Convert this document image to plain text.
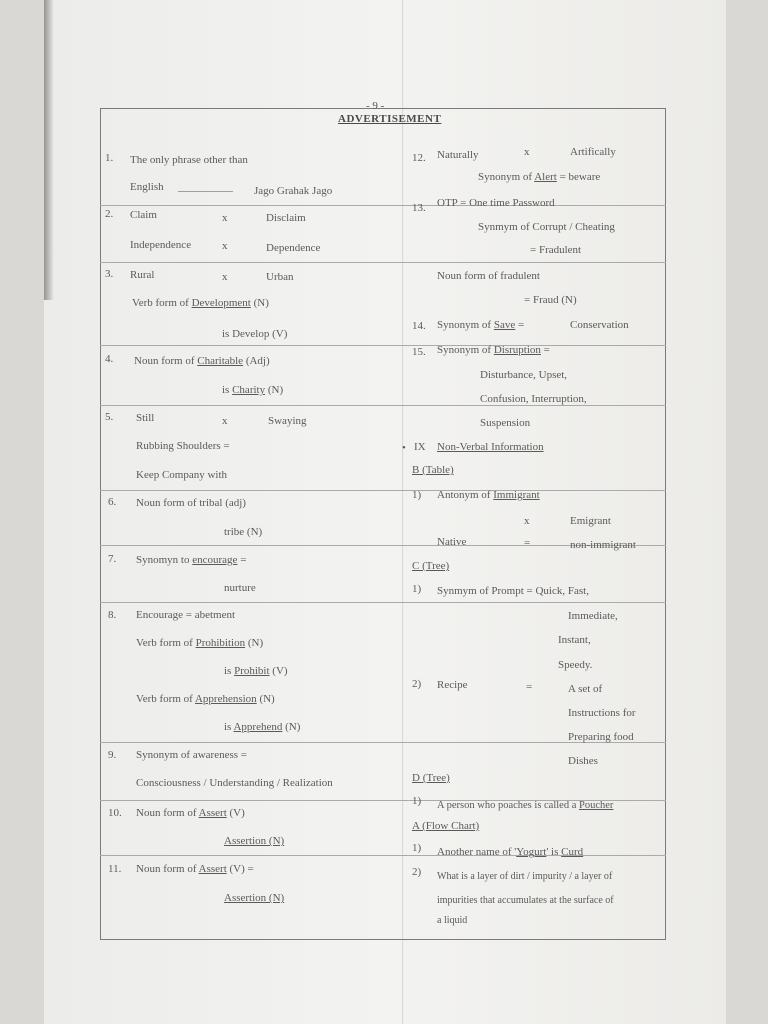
- 9 -
ADVERTISEMENT
1. The only phrase other than
English __________ Jago Grahak Jago
2. Claim	x	Disclaim
Independence	x	Dependence
3. Rural	x	Urban
Verb form of Development (N)
is Develop (V)
4. Noun form of Charitable (Adj)
is Charity (N)
5. Still	x	Swaying
Rubbing Shoulders =
Keep Company with
6. Noun form of tribal (adj)
tribe (N)
7. Synomyn to encourage =
nurture
8. Encourage = abetment
Verb form of Prohibition (N)
is Prohibit (V)
Verb form of Apprehension (N)
is Apprehend (N)
9. Synonym of awareness =
Consciousness / Understanding / Realization
10. Noun form of Assert (V)
Assertion (N)
11. Noun form of Assert (V) =
Assertion (N)
12. Naturally	x	Artifically
Synonym of Alert = beware
13. OTP = One time Password
Synmym of Corrupt / Cheating
= Fradulent
Noun form of fradulent
= Fraud (N)
14. Synonym of Save =	Conservation
15. Synonym of Disruption =
Disturbance, Upset,
Confusion, Interruption,
Suspension
• IX Non-Verbal Information
B (Table)
1) Antonym of Immigrant
x	Emigrant
Native	=	non-immigrant
C (Tree)
1) Synmym of Prompt = Quick, Fast,
Immediate,
Instant,
Speedy.
2) Recipe	=	A set of
Instructions for
Preparing food
Dishes
D (Tree)
1) A person who poaches is called a Poucher
A (Flow Chart)
1) Another name of 'Yogurt' is Curd
2) What is a layer of dirt / impurity / a layer of
impurities that accumulates at the surface of
a liquid
